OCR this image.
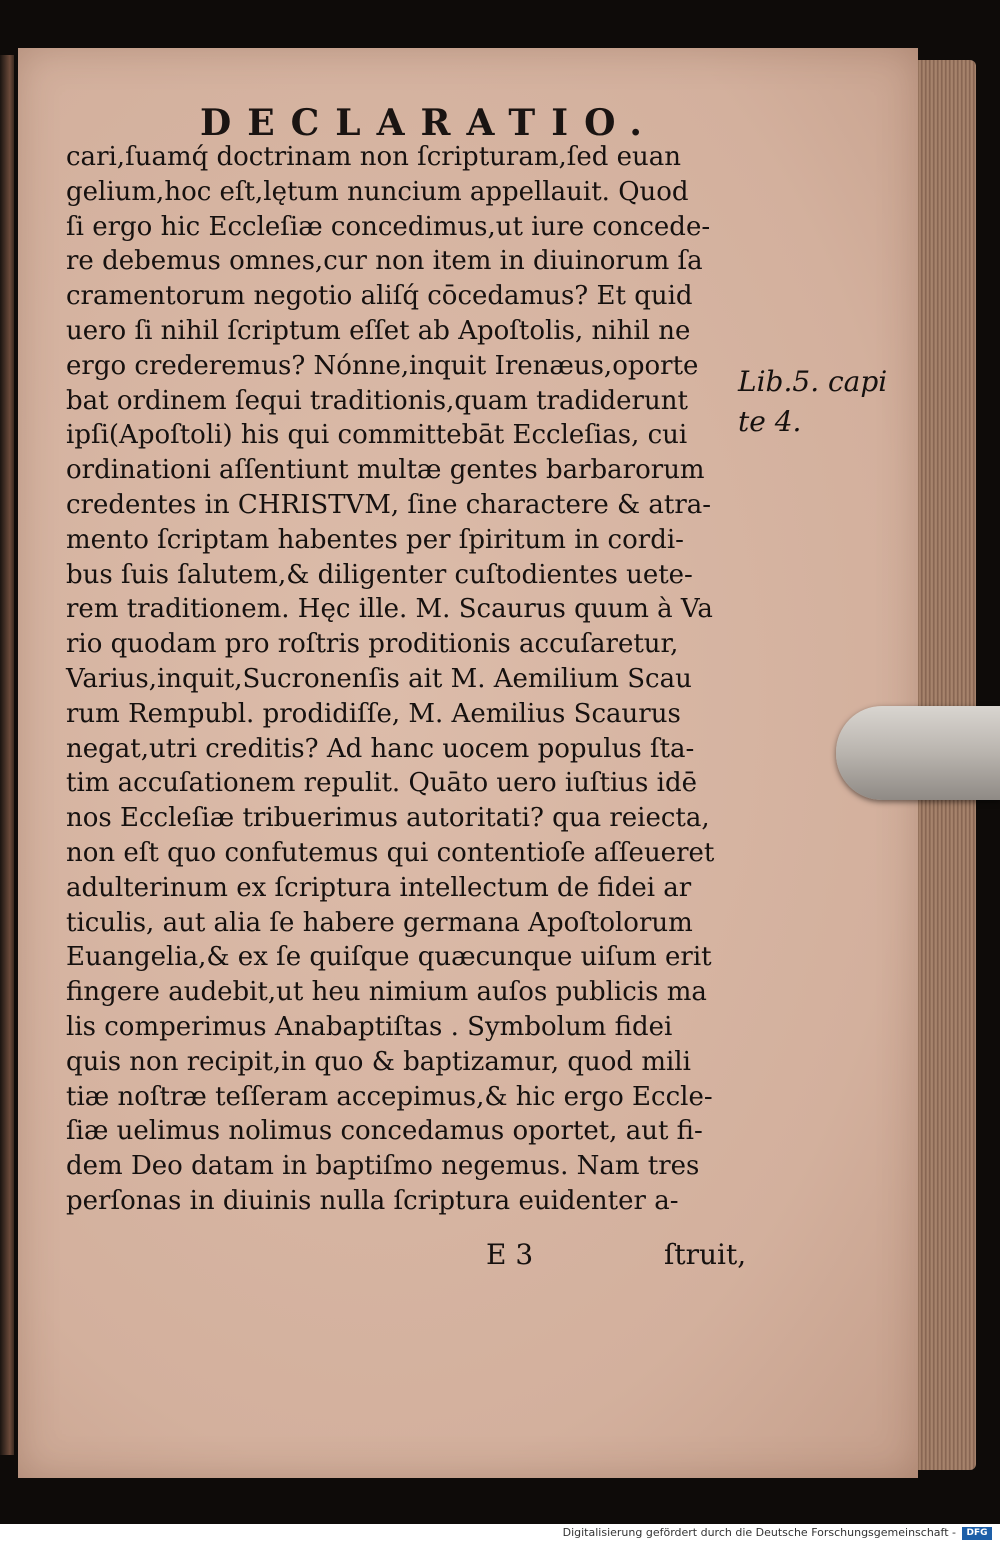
DECLARATIO.
cari,ſuamq́ doctrinam non ſcripturam,ſed euan
gelium,hoc eſt,lętum nuncium appellauit. Quod
ſi ergo hic Eccleſiæ concedimus,ut iure concede-
re debemus omnes,cur non item in diuinorum ſa
cramentorum negotio aliſq́ cōcedamus? Et quid
uero ſi nihil ſcriptum eſſet ab Apoſtolis, nihil ne
ergo crederemus? Nónne,inquit Irenæus,oporte
bat ordinem ſequi traditionis,quam tradiderunt
ipſi(Apoſtoli) his qui committebāt Eccleſias, cui
ordinationi aſſentiunt multæ gentes barbarorum
credentes in CHRISTVM, ſine charactere & atra-
mento ſcriptam habentes per ſpiritum in cordi-
bus ſuis ſalutem,& diligenter cuſtodientes uete-
rem traditionem. Hęc ille. M. Scaurus quum à Va
rio quodam pro roſtris proditionis accuſaretur,
Varius,inquit,Sucronenſis ait M. Aemilium Scau
rum Rempubl. prodidiſſe, M. Aemilius Scaurus
negat,utri creditis? Ad hanc uocem populus ſta-
tim accuſationem repulit. Quāto uero iuſtius idē
nos Eccleſiæ tribuerimus autoritati? qua reiecta,
non eſt quo confutemus qui contentioſe aſſeueret
adulterinum ex ſcriptura intellectum de fidei ar
ticulis, aut alia ſe habere germana Apoſtolorum
Euangelia,& ex ſe quiſque quæcunque uiſum erit
fingere audebit,ut heu nimium auſos publicis ma
lis comperimus Anabaptiſtas . Symbolum fidei
quis non recipit,in quo & baptizamur, quod mili
tiæ noſtræ teſſeram accepimus,& hic ergo Eccle-
ſiæ uelimus nolimus concedamus oportet, aut fi-
dem Deo datam in baptiſmo negemus. Nam tres
perſonas in diuinis nulla ſcriptura euidenter a-
Lib.5. capi
te 4.
E 3	ſtruit,
Digitalisierung gefördert durch die Deutsche Forschungsgemeinschaft -	DFG
